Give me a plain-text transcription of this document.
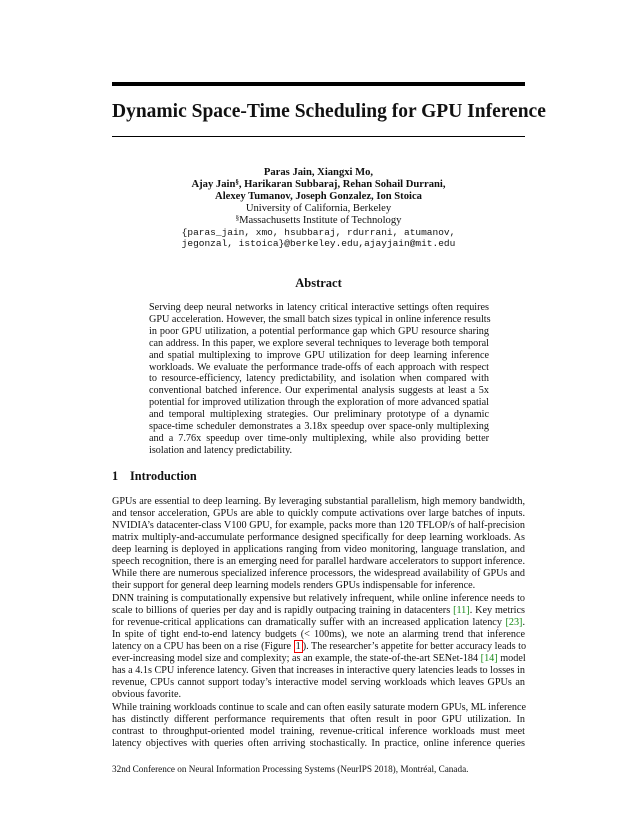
Dynamic Space-Time Scheduling for GPU Inference
Paras Jain, Xiangxi Mo,
Ajay Jain§, Harikaran Subbaraj, Rehan Sohail Durrani,
Alexey Tumanov, Joseph Gonzalez, Ion Stoica
University of California, Berkeley
§Massachusetts Institute of Technology
{paras_jain, xmo, hsubbaraj, rdurrani, atumanov,
jegonzal, istoica}@berkeley.edu,ajayjain@mit.edu
Abstract
Serving deep neural networks in latency critical interactive settings often requires
GPU acceleration. However, the small batch sizes typical in online inference results
in poor GPU utilization, a potential performance gap which GPU resource sharing
can address. In this paper, we explore several techniques to leverage both temporal
and spatial multiplexing to improve GPU utilization for deep learning inference
workloads. We evaluate the performance trade-offs of each approach with respect
to resource-efficiency, latency predictability, and isolation when compared with
conventional batched inference. Our experimental analysis suggests at least a 5x
potential for improved utilization through the exploration of more advanced spatial
and temporal multiplexing strategies. Our preliminary prototype of a dynamic
space-time scheduler demonstrates a 3.18x speedup over space-only multiplexing
and a 7.76x speedup over time-only multiplexing, while also providing better
isolation and latency predictability.
1 Introduction
GPUs are essential to deep learning. By leveraging substantial parallelism, high memory bandwidth,
and tensor acceleration, GPUs are able to quickly compute activations over large batches of inputs.
NVIDIA’s datacenter-class V100 GPU, for example, packs more than 120 TFLOP/s of half-precision
matrix multiply-and-accumulate performance designed specifically for deep learning workloads. As
deep learning is deployed in applications ranging from video monitoring, language translation, and
speech recognition, there is an emerging need for parallel hardware accelerators to support inference.
While there are numerous specialized inference processors, the widespread availability of GPUs and
their support for general deep learning models renders GPUs indispensable for inference.
DNN training is computationally expensive but relatively infrequent, while online inference needs to
scale to billions of queries per day and is rapidly outpacing training in datacenters [11]. Key metrics
for revenue-critical applications can dramatically suffer with an increased application latency [23].
In spite of tight end-to-end latency budgets (< 100ms), we note an alarming trend that inference
latency on a CPU has been on a rise (Figure 1 ). The researcher’s appetite for better accuracy leads to
ever-increasing model size and complexity; as an example, the state-of-the-art SENet-184 [14] model
has a 4.1s CPU inference latency. Given that increases in interactive query latencies leads to losses in
revenue, CPUs cannot support today’s interactive model serving workloads which leaves GPUs an
obvious favorite.
While training workloads continue to scale and can often easily saturate modern GPUs, ML inference
has distinctly different performance requirements that often result in poor GPU utilization. In
contrast to throughput-oriented model training, revenue-critical inference workloads must meet
latency objectives with queries often arriving stochastically. In practice, online inference queries
32nd Conference on Neural Information Processing Systems (NeurIPS 2018), Montréal, Canada.
